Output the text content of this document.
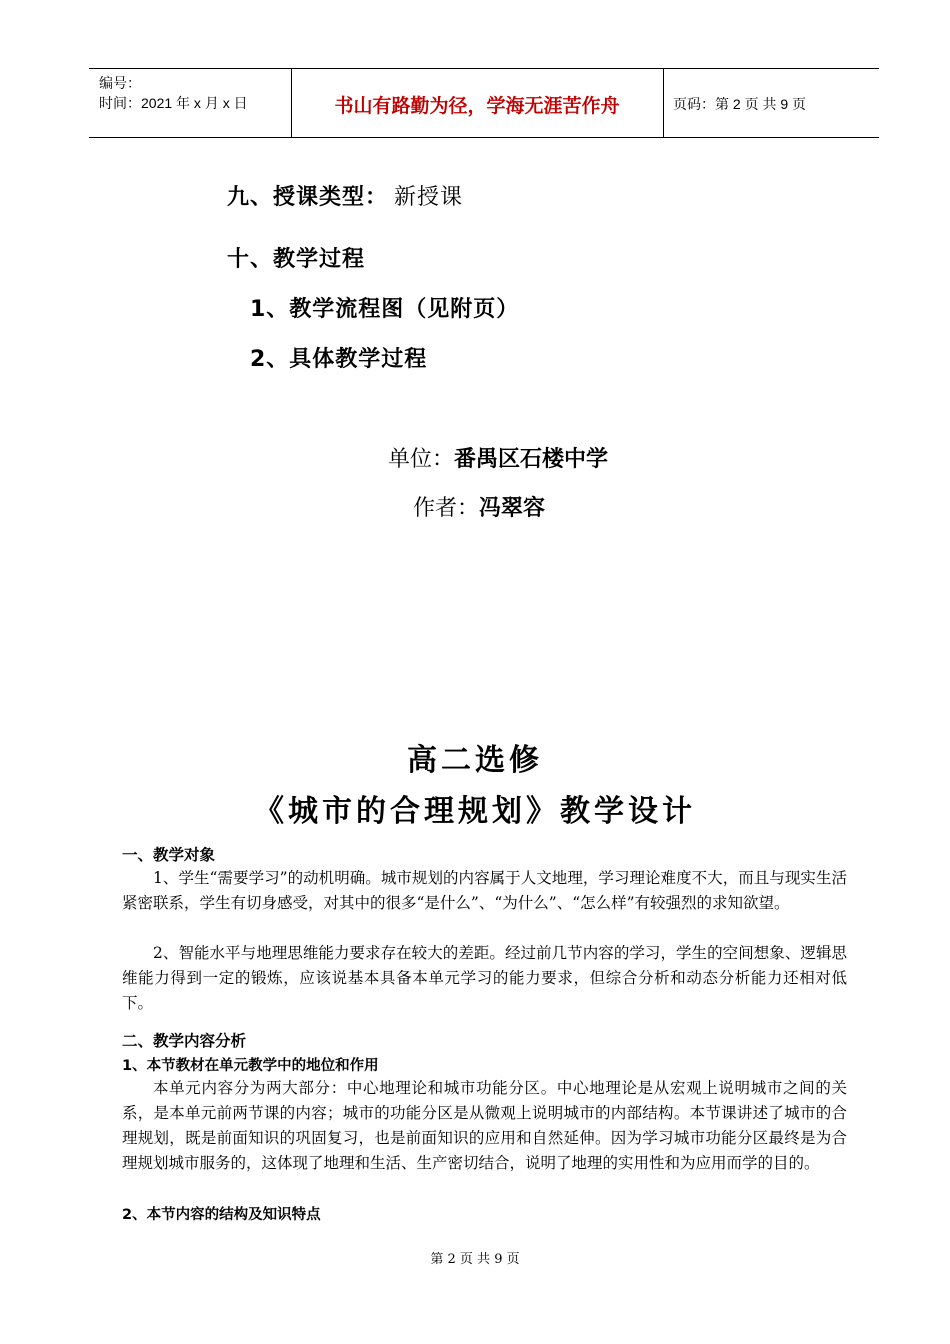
编号：
时间：2021 年 x 月 x 日	书山有路勤为径，学海无涯苦作舟	页码：第 2 页 共 9 页
九、授课类型： 新授课
十、教学过程
1、教学流程图（见附页）
2、具体教学过程
单位：番禺区石楼中学
作者：冯翠容
高二选修
《城市的合理规划》教学设计
一、教学对象
1、学生“需要学习”的动机明确。城市规划的内容属于人文地理，学习理论难度不大，而且与现实生活紧密联系，学生有切身感受，对其中的很多“是什么”、“为什么”、“怎么样”有较强烈的求知欲望。
2、智能水平与地理思维能力要求存在较大的差距。经过前几节内容的学习，学生的空间想象、逻辑思维能力得到一定的锻炼，应该说基本具备本单元学习的能力要求，但综合分析和动态分析能力还相对低下。
二、教学内容分析
1、本节教材在单元教学中的地位和作用
本单元内容分为两大部分：中心地理论和城市功能分区。中心地理论是从宏观上说明城市之间的关系，是本单元前两节课的内容；城市的功能分区是从微观上说明城市的内部结构。本节课讲述了城市的合理规划，既是前面知识的巩固复习，也是前面知识的应用和自然延伸。因为学习城市功能分区最终是为合理规划城市服务的，这体现了地理和生活、生产密切结合，说明了地理的实用性和为应用而学的目的。
2、本节内容的结构及知识特点
第 2 页 共 9 页
